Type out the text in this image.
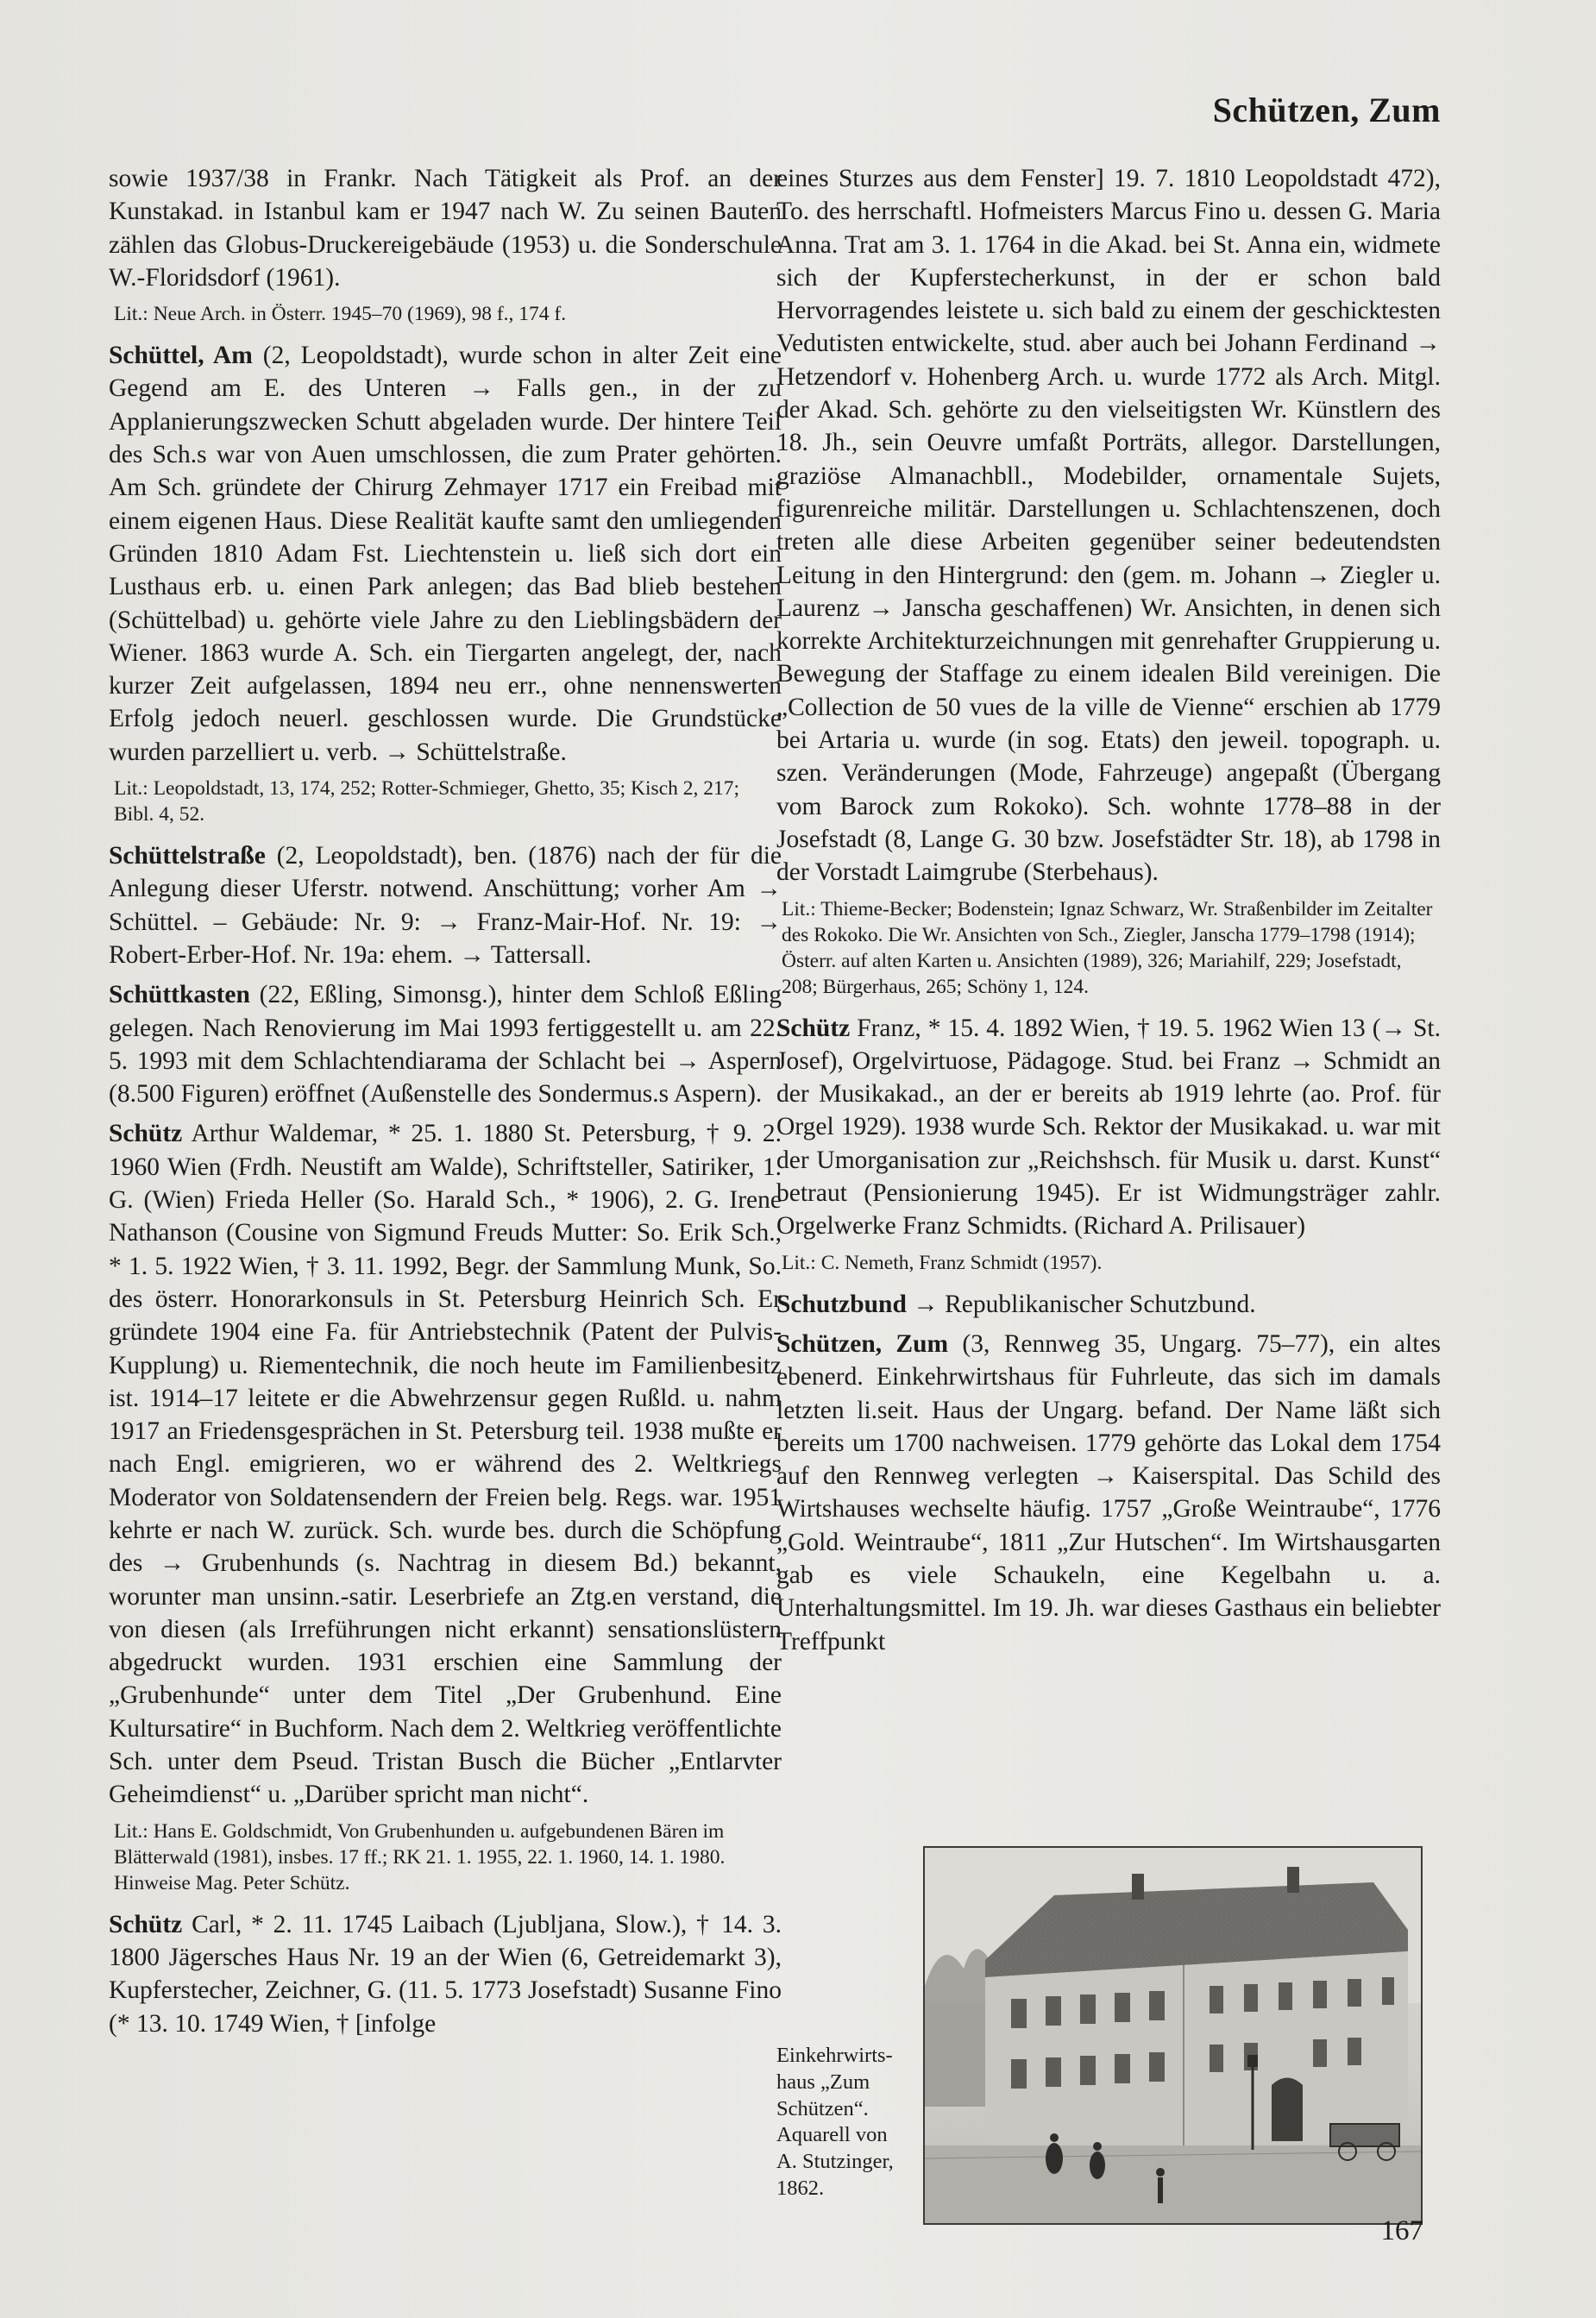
Schützen, Zum

sowie 1937/38 in Frankr. Nach Tätigkeit als Prof. an der Kunstakad. in Istanbul kam er 1947 nach W. Zu seinen Bauten zählen das Globus-Druckereigebäude (1953) u. die Sonderschule W.-Floridsdorf (1961).

Lit.: Neue Arch. in Österr. 1945–70 (1969), 98 f., 174 f.

Schüttel, Am (2, Leopoldstadt), wurde schon in alter Zeit eine Gegend am E. des Unteren → Falls gen., in der zu Applanierungszwecken Schutt abgeladen wurde. Der hintere Teil des Sch.s war von Auen umschlossen, die zum Prater gehörten. Am Sch. gründete der Chirurg Zehmayer 1717 ein Freibad mit einem eigenen Haus. Diese Realität kaufte samt den umliegenden Gründen 1810 Adam Fst. Liechtenstein u. ließ sich dort ein Lusthaus erb. u. einen Park anlegen; das Bad blieb bestehen (Schüttelbad) u. gehörte viele Jahre zu den Lieblingsbädern der Wiener. 1863 wurde A. Sch. ein Tiergarten angelegt, der, nach kurzer Zeit aufgelassen, 1894 neu err., ohne nennenswerten Erfolg jedoch neuerl. geschlossen wurde. Die Grundstücke wurden parzelliert u. verb. → Schüttelstraße.

Lit.: Leopoldstadt, 13, 174, 252; Rotter-Schmieger, Ghetto, 35; Kisch 2, 217; Bibl. 4, 52.

Schüttelstraße (2, Leopoldstadt), ben. (1876) nach der für die Anlegung dieser Uferstr. notwend. Anschüttung; vorher Am → Schüttel. – Gebäude: Nr. 9: → Franz-Mair-Hof. Nr. 19: → Robert-Erber-Hof. Nr. 19a: ehem. → Tattersall.

Schüttkasten (22, Eßling, Simonsg.), hinter dem Schloß Eßling gelegen. Nach Renovierung im Mai 1993 fertiggestellt u. am 22. 5. 1993 mit dem Schlachtendiarama der Schlacht bei → Aspern (8.500 Figuren) eröffnet (Außenstelle des Sondermus.s Aspern).

Schütz Arthur Waldemar, * 25. 1. 1880 St. Petersburg, † 9. 2. 1960 Wien (Frdh. Neustift am Walde), Schriftsteller, Satiriker, 1. G. (Wien) Frieda Heller (So. Harald Sch., * 1906), 2. G. Irene Nathanson (Cousine von Sigmund Freuds Mutter: So. Erik Sch., * 1. 5. 1922 Wien, † 3. 11. 1992, Begr. der Sammlung Munk, So. des österr. Honorarkonsuls in St. Petersburg Heinrich Sch. Er gründete 1904 eine Fa. für Antriebstechnik (Patent der Pulvis-Kupplung) u. Riementechnik, die noch heute im Familienbesitz ist. 1914–17 leitete er die Abwehrzensur gegen Rußld. u. nahm 1917 an Friedensgesprächen in St. Petersburg teil. 1938 mußte er nach Engl. emigrieren, wo er während des 2. Weltkriegs Moderator von Soldatensendern der Freien belg. Regs. war. 1951 kehrte er nach W. zurück. Sch. wurde bes. durch die Schöpfung des → Grubenhunds (s. Nachtrag in diesem Bd.) bekannt, worunter man unsinn.-satir. Leserbriefe an Ztg.en verstand, die von diesen (als Irreführungen nicht erkannt) sensationslüstern abgedruckt wurden. 1931 erschien eine Sammlung der „Grubenhunde“ unter dem Titel „Der Grubenhund. Eine Kultursatire“ in Buchform. Nach dem 2. Weltkrieg veröffentlichte Sch. unter dem Pseud. Tristan Busch die Bücher „Entlarvter Geheimdienst“ u. „Darüber spricht man nicht“.

Lit.: Hans E. Goldschmidt, Von Grubenhunden u. aufgebundenen Bären im Blätterwald (1981), insbes. 17 ff.; RK 21. 1. 1955, 22. 1. 1960, 14. 1. 1980. Hinweise Mag. Peter Schütz.

Schütz Carl, * 2. 11. 1745 Laibach (Ljubljana, Slow.), † 14. 3. 1800 Jägersches Haus Nr. 19 an der Wien (6, Getreidemarkt 3), Kupferstecher, Zeichner, G. (11. 5. 1773 Josefstadt) Susanne Fino (* 13. 10. 1749 Wien, † [infolge

eines Sturzes aus dem Fenster] 19. 7. 1810 Leopoldstadt 472), To. des herrschaftl. Hofmeisters Marcus Fino u. dessen G. Maria Anna. Trat am 3. 1. 1764 in die Akad. bei St. Anna ein, widmete sich der Kupferstecherkunst, in der er schon bald Hervorragendes leistete u. sich bald zu einem der geschicktesten Vedutisten entwickelte, stud. aber auch bei Johann Ferdinand → Hetzendorf v. Hohenberg Arch. u. wurde 1772 als Arch. Mitgl. der Akad. Sch. gehörte zu den vielseitigsten Wr. Künstlern des 18. Jh., sein Oeuvre umfaßt Porträts, allegor. Darstellungen, graziöse Almanachbll., Modebilder, ornamentale Sujets, figurenreiche militär. Darstellungen u. Schlachtenszenen, doch treten alle diese Arbeiten gegenüber seiner bedeutendsten Leitung in den Hintergrund: den (gem. m. Johann → Ziegler u. Laurenz → Janscha geschaffenen) Wr. Ansichten, in denen sich korrekte Architekturzeichnungen mit genrehafter Gruppierung u. Bewegung der Staffage zu einem idealen Bild vereinigen. Die „Collection de 50 vues de la ville de Vienne“ erschien ab 1779 bei Artaria u. wurde (in sog. Etats) den jeweil. topograph. u. szen. Veränderungen (Mode, Fahrzeuge) angepaßt (Übergang vom Barock zum Rokoko). Sch. wohnte 1778–88 in der Josefstadt (8, Lange G. 30 bzw. Josefstädter Str. 18), ab 1798 in der Vorstadt Laimgrube (Sterbehaus).

Lit.: Thieme-Becker; Bodenstein; Ignaz Schwarz, Wr. Straßenbilder im Zeitalter des Rokoko. Die Wr. Ansichten von Sch., Ziegler, Janscha 1779–1798 (1914); Österr. auf alten Karten u. Ansichten (1989), 326; Mariahilf, 229; Josefstadt, 208; Bürgerhaus, 265; Schöny 1, 124.

Schütz Franz, * 15. 4. 1892 Wien, † 19. 5. 1962 Wien 13 (→ St. Josef), Orgelvirtuose, Pädagoge. Stud. bei Franz → Schmidt an der Musikakad., an der er bereits ab 1919 lehrte (ao. Prof. für Orgel 1929). 1938 wurde Sch. Rektor der Musikakad. u. war mit der Umorganisation zur „Reichshsch. für Musik u. darst. Kunst“ betraut (Pensionierung 1945). Er ist Widmungsträger zahlr. Orgelwerke Franz Schmidts. (Richard A. Prilisauer)

Lit.: C. Nemeth, Franz Schmidt (1957).

Schutzbund → Republikanischer Schutzbund.

Schützen, Zum (3, Rennweg 35, Ungarg. 75–77), ein altes ebenerd. Einkehrwirtshaus für Fuhrleute, das sich im damals letzten li.seit. Haus der Ungarg. befand. Der Name läßt sich bereits um 1700 nachweisen. 1779 gehörte das Lokal dem 1754 auf den Rennweg verlegten → Kaiserspital. Das Schild des Wirtshauses wechselte häufig. 1757 „Große Weintraube“, 1776 „Gold. Weintraube“, 1811 „Zur Hutschen“. Im Wirtshausgarten gab es viele Schaukeln, eine Kegelbahn u. a. Unterhaltungsmittel. Im 19. Jh. war dieses Gasthaus ein beliebter Treffpunkt

Einkehrwirts-
haus „Zum
Schützen“.
Aquarell von
A. Stutzinger,
1862.

167
